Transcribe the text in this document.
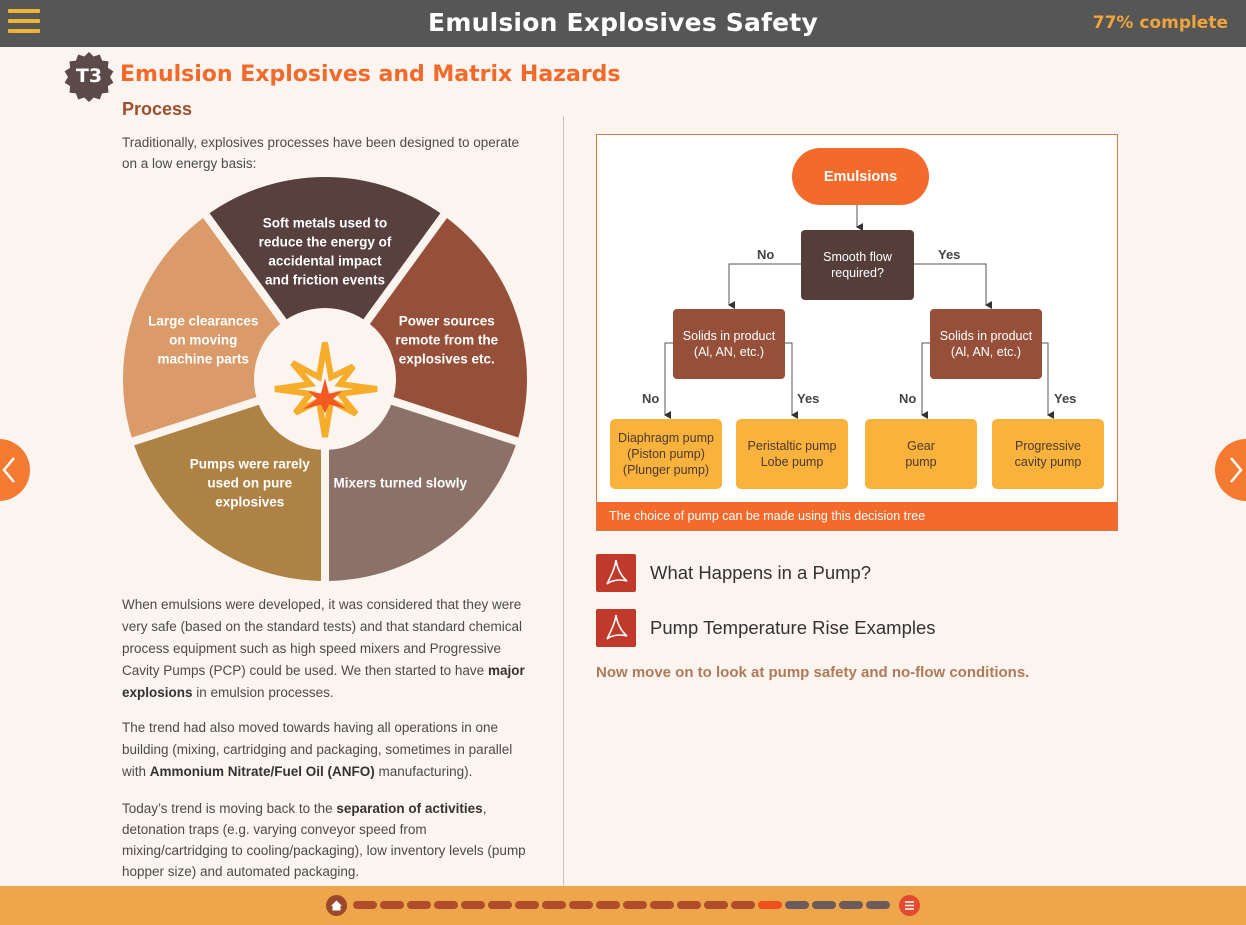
Emulsion Explosives Safety	77% complete
T3 Emulsion Explosives and Matrix Hazards
Process
Traditionally, explosives processes have been designed to operate on a low energy basis:
Soft metals used to reduce the energy of accidental impact and friction events
Power sources remote from the explosives etc.
Mixers turned slowly
Pumps were rarely used on pure explosives
Large clearances on moving machine parts
When emulsions were developed, it was considered that they were very safe (based on the standard tests) and that standard chemical process equipment such as high speed mixers and Progressive Cavity Pumps (PCP) could be used. We then started to have major explosions in emulsion processes.
The trend had also moved towards having all operations in one building (mixing, cartridging and packaging, sometimes in parallel with Ammonium Nitrate/Fuel Oil (ANFO) manufacturing).
Today’s trend is moving back to the separation of activities, detonation traps (e.g. varying conveyor speed from mixing/cartridging to cooling/packaging), low inventory levels (pump hopper size) and automated packaging.
Emulsions
Smooth flow
required?
No	Yes
Solids in product
(Al, AN, etc.)
Solids in product
(Al, AN, etc.)
No	Yes	No	Yes
Diaphragm pump
(Piston pump)
(Plunger pump)
Peristaltic pump
Lobe pump
Gear
pump
Progressive
cavity pump
The choice of pump can be made using this decision tree
What Happens in a Pump?
Pump Temperature Rise Examples
Now move on to look at pump safety and no-flow conditions.
